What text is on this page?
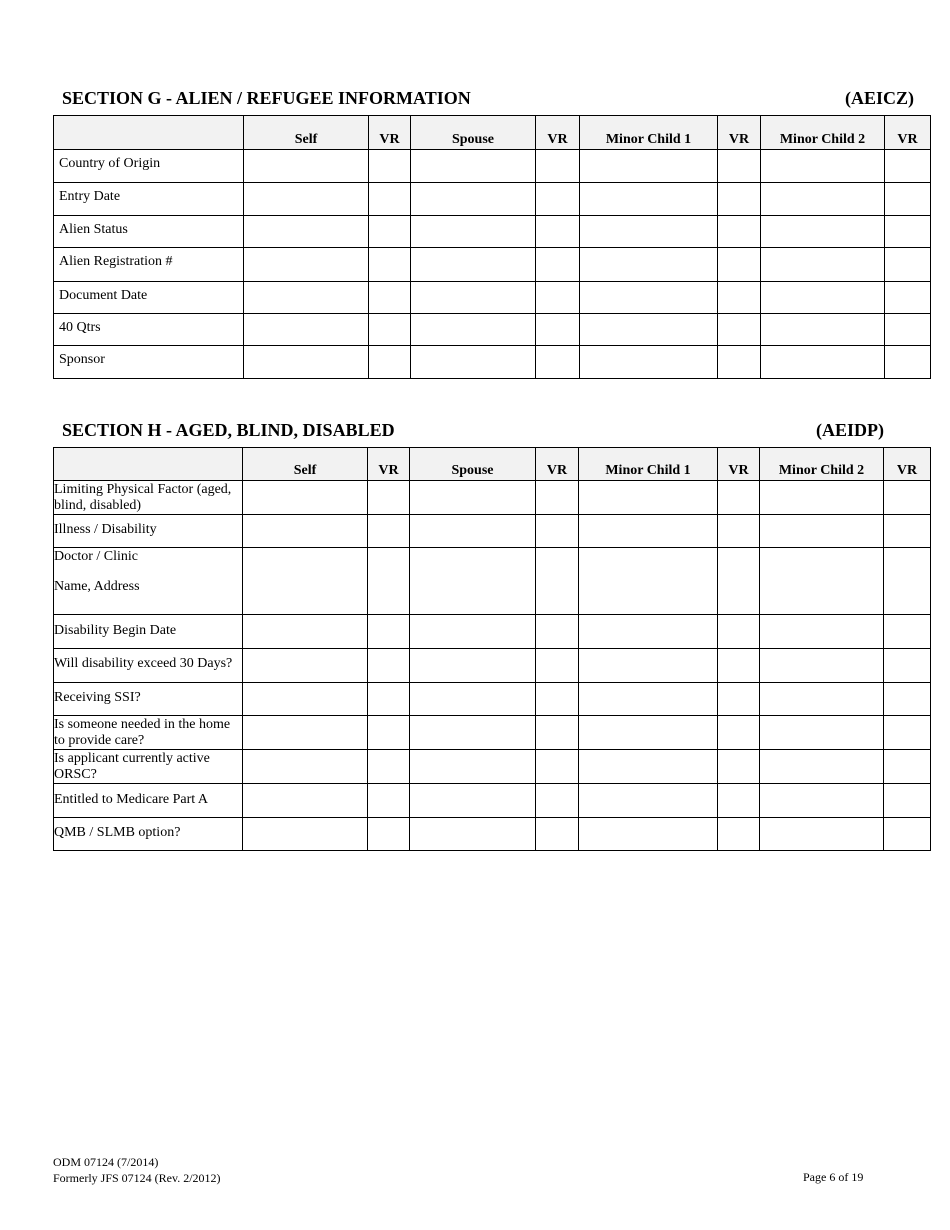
SECTION G - ALIEN / REFUGEE INFORMATION	(AEICZ)
	Self	VR	Spouse	VR	Minor Child 1	VR	Minor Child 2	VR
Country of Origin								
Entry Date								
Alien Status								
Alien Registration #								
Document Date								
40 Qtrs								
Sponsor								
SECTION H - AGED, BLIND, DISABLED	(AEIDP)
	Self	VR	Spouse	VR	Minor Child 1	VR	Minor Child 2	VR
Limiting Physical Factor (aged, blind, disabled)								
Illness / Disability								
Doctor / Clinic
Name, Address								

Disability Begin Date								
Will disability exceed 30 Days?								
Receiving SSI?								
Is someone needed in the home to provide care?								
Is applicant currently active ORSC?								
Entitled to Medicare Part A								
QMB / SLMB option?								
ODM 07124 (7/2014)
Formerly JFS 07124 (Rev. 2/2012)	Page 6 of 19
